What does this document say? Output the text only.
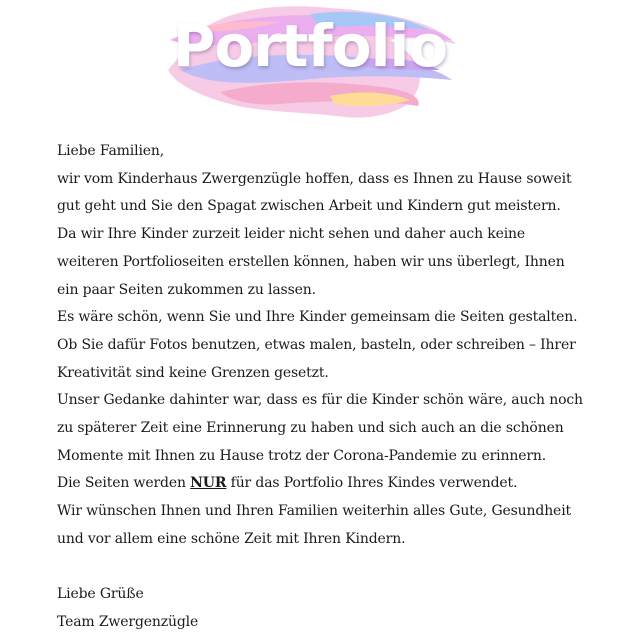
Portfolio
Liebe Familien,
wir vom Kinderhaus Zwergenzügle hoffen, dass es Ihnen zu Hause soweit
gut geht und Sie den Spagat zwischen Arbeit und Kindern gut meistern.
Da wir Ihre Kinder zurzeit leider nicht sehen und daher auch keine
weiteren Portfolioseiten erstellen können, haben wir uns überlegt, Ihnen
ein paar Seiten zukommen zu lassen.
Es wäre schön, wenn Sie und Ihre Kinder gemeinsam die Seiten gestalten.
Ob Sie dafür Fotos benutzen, etwas malen, basteln, oder schreiben – Ihrer
Kreativität sind keine Grenzen gesetzt.
Unser Gedanke dahinter war, dass es für die Kinder schön wäre, auch noch
zu späterer Zeit eine Erinnerung zu haben und sich auch an die schönen
Momente mit Ihnen zu Hause trotz der Corona-Pandemie zu erinnern.
Die Seiten werden NUR für das Portfolio Ihres Kindes verwendet.
Wir wünschen Ihnen und Ihren Familien weiterhin alles Gute, Gesundheit
und vor allem eine schöne Zeit mit Ihren Kindern.
Liebe Grüße
Team Zwergenzügle
